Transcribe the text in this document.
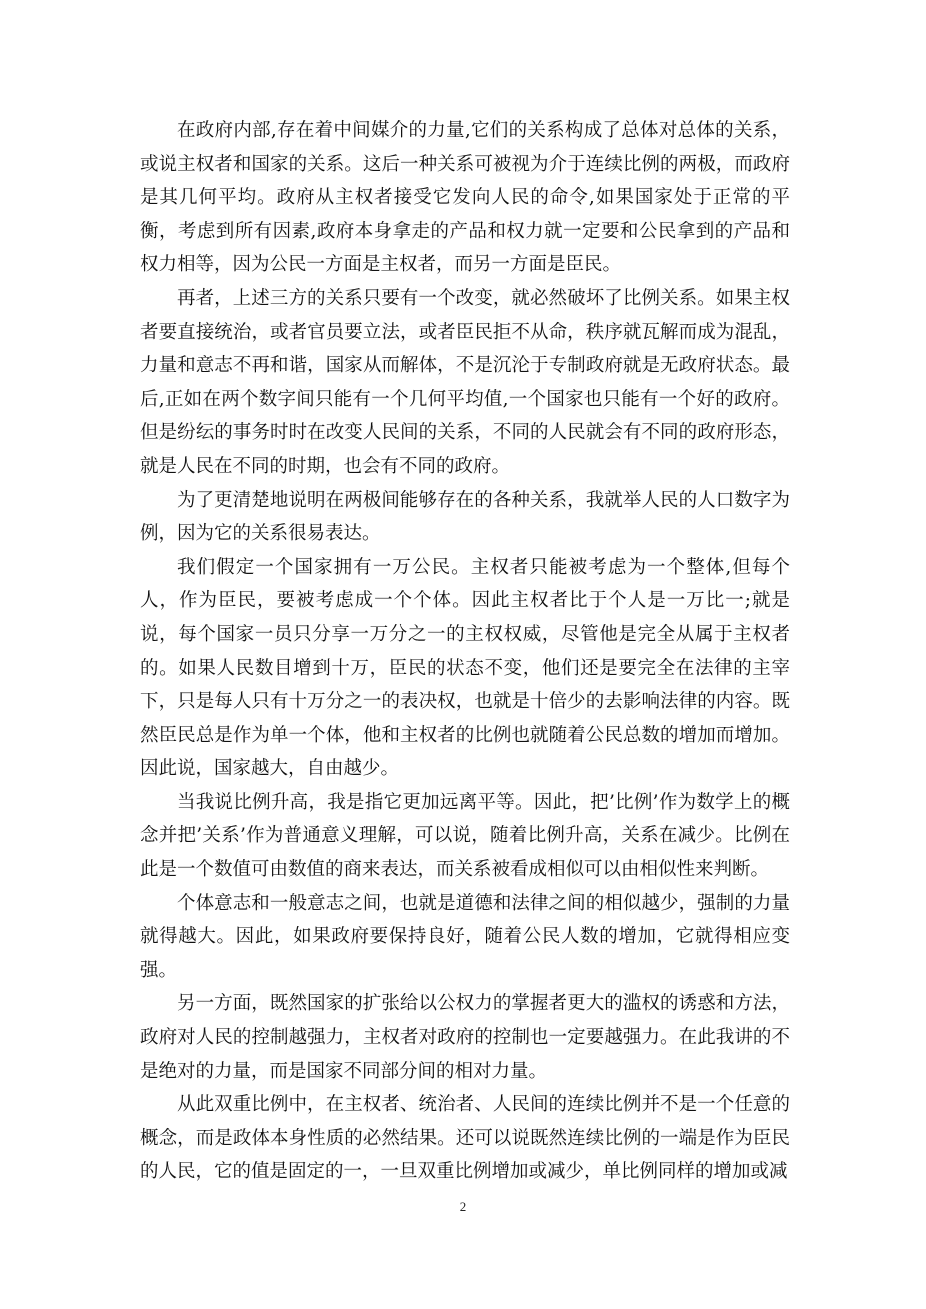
在政府内部,存在着中间媒介的力量,它们的关系构成了总体对总体的关系，或说主权者和国家的关系。这后一种关系可被视为介于连续比例的两极，而政府是其几何平均。政府从主权者接受它发向人民的命令,如果国家处于正常的平衡，考虑到所有因素,政府本身拿走的产品和权力就一定要和公民拿到的产品和权力相等，因为公民一方面是主权者，而另一方面是臣民。

再者，上述三方的关系只要有一个改变，就必然破坏了比例关系。如果主权者要直接统治，或者官员要立法，或者臣民拒不从命，秩序就瓦解而成为混乱，力量和意志不再和谐，国家从而解体，不是沉沦于专制政府就是无政府状态。最后,正如在两个数字间只能有一个几何平均值,一个国家也只能有一个好的政府。但是纷纭的事务时时在改变人民间的关系，不同的人民就会有不同的政府形态，就是人民在不同的时期，也会有不同的政府。

为了更清楚地说明在两极间能够存在的各种关系，我就举人民的人口数字为例，因为它的关系很易表达。

我们假定一个国家拥有一万公民。主权者只能被考虑为一个整体,但每个人，作为臣民，要被考虑成一个个体。因此主权者比于个人是一万比一;就是说，每个国家一员只分享一万分之一的主权权威，尽管他是完全从属于主权者的。如果人民数目增到十万，臣民的状态不变，他们还是要完全在法律的主宰下，只是每人只有十万分之一的表决权，也就是十倍少的去影响法律的内容。既然臣民总是作为单一个体，他和主权者的比例也就随着公民总数的增加而增加。因此说，国家越大，自由越少。

当我说比例升高，我是指它更加远离平等。因此，把’比例’作为数学上的概念并把’关系’作为普通意义理解，可以说，随着比例升高，关系在减少。比例在此是一个数值可由数值的商来表达，而关系被看成相似可以由相似性来判断。

个体意志和一般意志之间，也就是道德和法律之间的相似越少，强制的力量就得越大。因此，如果政府要保持良好，随着公民人数的增加，它就得相应变强。

另一方面，既然国家的扩张给以公权力的掌握者更大的滥权的诱惑和方法，政府对人民的控制越强力，主权者对政府的控制也一定要越强力。在此我讲的不是绝对的力量，而是国家不同部分间的相对力量。

从此双重比例中，在主权者、统治者、人民间的连续比例并不是一个任意的概念，而是政体本身性质的必然结果。还可以说既然连续比例的一端是作为臣民的人民，它的值是固定的一，一旦双重比例增加或减少，单比例同样的增加或减

2
